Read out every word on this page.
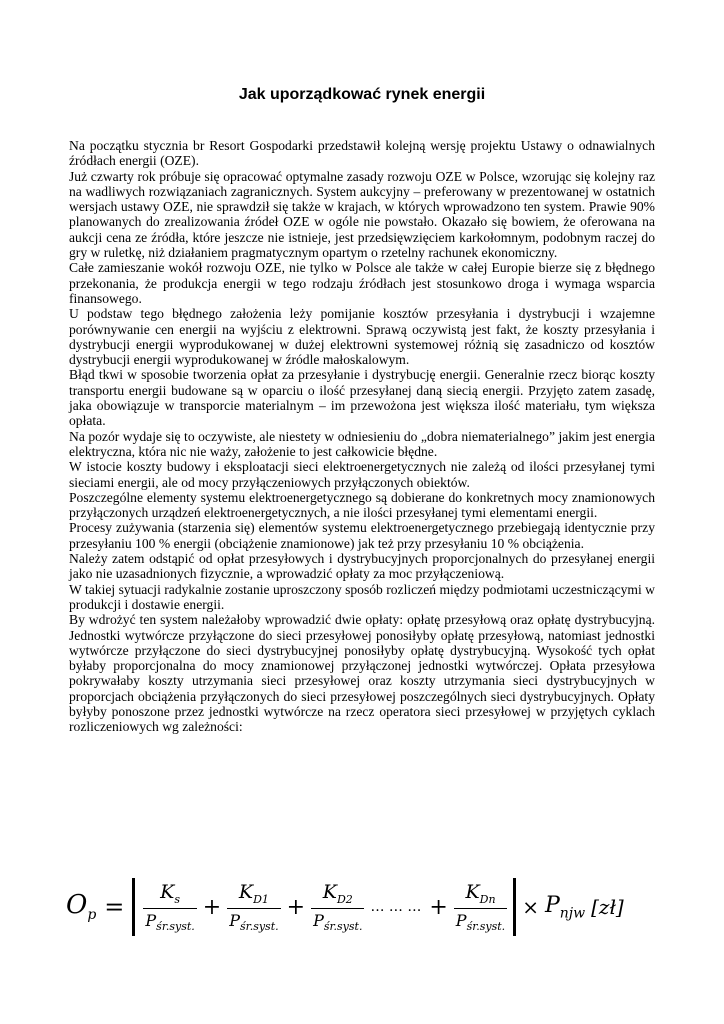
Jak uporządkować rynek energii

Na początku stycznia br Resort Gospodarki przedstawił kolejną wersję projektu Ustawy o odnawialnych źródłach energii (OZE).

Już czwarty rok próbuje się opracować optymalne zasady rozwoju OZE w Polsce, wzorując się kolejny raz na wadliwych rozwiązaniach zagranicznych. System aukcyjny – preferowany w prezentowanej w ostatnich wersjach ustawy OZE, nie sprawdził się także w krajach, w których wprowadzono ten system. Prawie 90% planowanych do zrealizowania źródeł OZE w ogóle nie powstało. Okazało się bowiem, że oferowana na aukcji cena ze źródła, które jeszcze nie istnieje, jest przedsięwzięciem karkołomnym, podobnym raczej do gry w ruletkę, niż działaniem pragmatycznym opartym o rzetelny rachunek ekonomiczny.

Całe zamieszanie wokół rozwoju OZE, nie tylko w Polsce ale także w całej Europie bierze się z błędnego przekonania, że produkcja energii w tego rodzaju źródłach jest stosunkowo droga i wymaga wsparcia finansowego.

U podstaw tego błędnego założenia leży pomijanie kosztów przesyłania i dystrybucji i wzajemne porównywanie cen energii na wyjściu z elektrowni. Sprawą oczywistą jest fakt, że koszty przesyłania i dystrybucji energii wyprodukowanej w dużej elektrowni systemowej różnią się zasadniczo od kosztów dystrybucji energii wyprodukowanej w źródle małoskalowym.

Błąd tkwi w sposobie tworzenia opłat za przesyłanie i dystrybucję energii. Generalnie rzecz biorąc koszty transportu energii budowane są w oparciu o ilość przesyłanej daną siecią energii. Przyjęto zatem zasadę, jaka obowiązuje w transporcie materialnym – im przewożona jest większa ilość materiału, tym większa opłata.

Na pozór wydaje się to oczywiste, ale niestety w odniesieniu do „dobra niematerialnego” jakim jest energia elektryczna, która nic nie waży, założenie to jest całkowicie błędne.

W istocie koszty budowy i eksploatacji sieci elektroenergetycznych nie zależą od ilości przesyłanej tymi sieciami energii, ale od mocy przyłączeniowych przyłączonych obiektów.

Poszczególne elementy systemu elektroenergetycznego są dobierane do konkretnych mocy znamionowych przyłączonych urządzeń elektroenergetycznych, a nie ilości przesyłanej tymi elementami energii.

Procesy zużywania (starzenia się) elementów systemu elektroenergetycznego przebiegają identycznie przy przesyłaniu 100 % energii (obciążenie znamionowe) jak też przy przesyłaniu 10 % obciążenia.

Należy zatem odstąpić od opłat przesyłowych i dystrybucyjnych proporcjonalnych do przesyłanej energii jako nie uzasadnionych fizycznie, a wprowadzić opłaty za moc przyłączeniową.

W takiej sytuacji radykalnie zostanie uproszczony sposób rozliczeń między podmiotami uczestniczącymi w produkcji i dostawie energii.

By wdrożyć ten system należałoby wprowadzić dwie opłaty: opłatę przesyłową oraz opłatę dystrybucyjną. Jednostki wytwórcze przyłączone do sieci przesyłowej ponosiłyby opłatę przesyłową, natomiast jednostki wytwórcze przyłączone do sieci dystrybucyjnej ponosiłyby opłatę dystrybucyjną. Wysokość tych opłat byłaby proporcjonalna do mocy znamionowej przyłączonej jednostki wytwórczej. Opłata przesyłowa pokrywałaby koszty utrzymania sieci przesyłowej oraz koszty utrzymania sieci dystrybucyjnych w proporcjach obciążenia przyłączonych do sieci przesyłowej poszczególnych sieci dystrybucyjnych. Opłaty byłyby ponoszone przez jednostki wytwórcze na rzecz operatora sieci przesyłowej w przyjętych cyklach rozliczeniowych wg zależności:

$O_p = \frac{K_s}{P_{śr.syst.}} + \frac{K_{D1}}{P_{śr.syst.}} + \frac{K_{D2}}{P_{śr.syst.}}$ … … … + $\frac{K_{Dn}}{P_{śr.syst.}} \times P_{njw}$ [zł]
